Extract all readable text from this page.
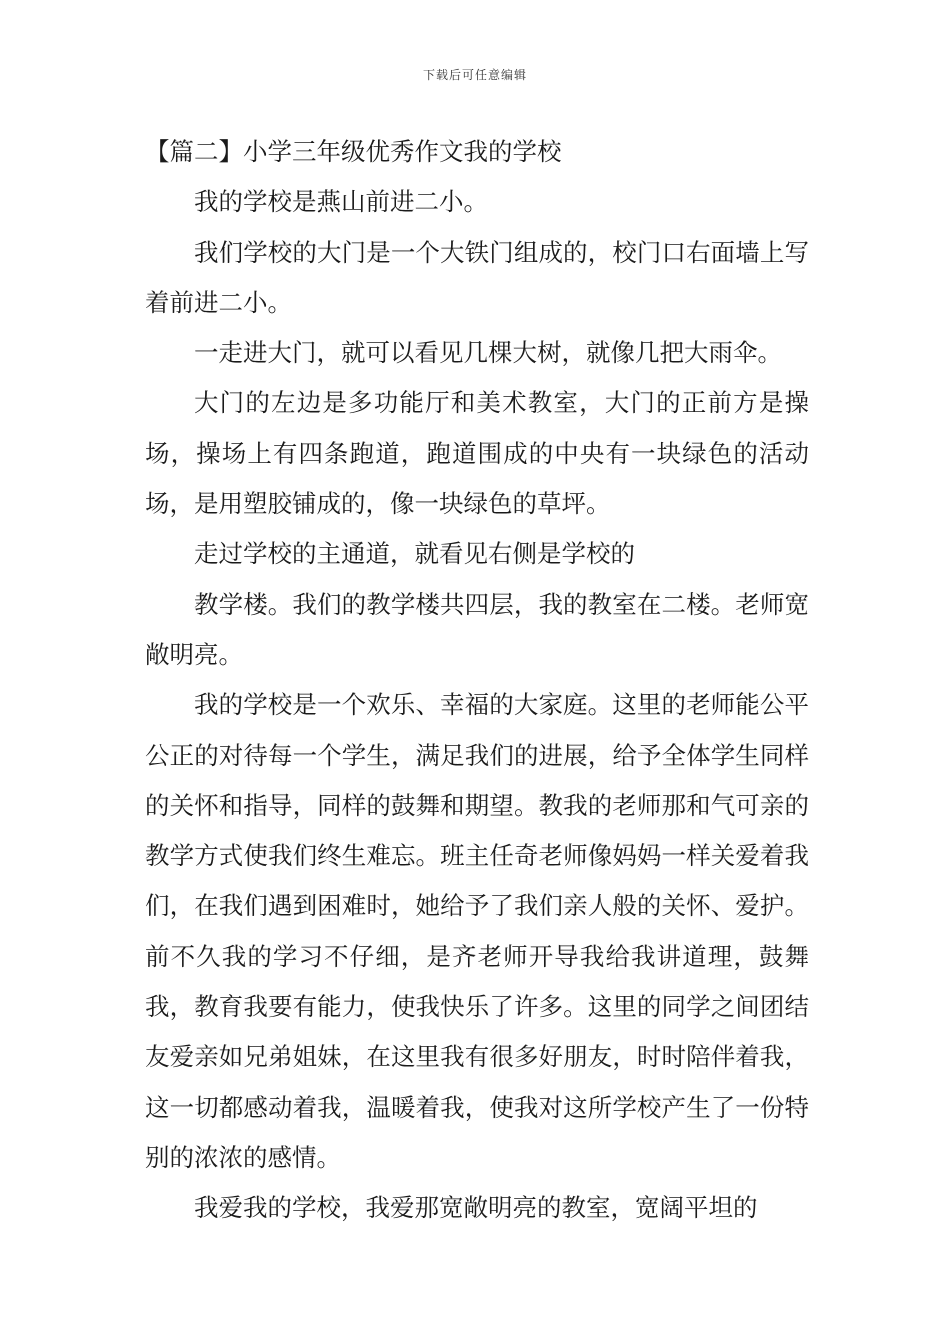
下载后可任意编辑

【篇二】小学三年级优秀作文我的学校

我的学校是燕山前进二小。

我们学校的大门是一个大铁门组成的，校门口右面墙上写着前进二小。

一走进大门，就可以看见几棵大树，就像几把大雨伞。

大门的左边是多功能厅和美术教室，大门的正前方是操场，操场上有四条跑道，跑道围成的中央有一块绿色的活动场，是用塑胶铺成的，像一块绿色的草坪。

走过学校的主通道，就看见右侧是学校的

教学楼。我们的教学楼共四层，我的教室在二楼。老师宽敞明亮。

我的学校是一个欢乐、幸福的大家庭。这里的老师能公平公正的对待每一个学生，满足我们的进展，给予全体学生同样的关怀和指导，同样的鼓舞和期望。教我的老师那和气可亲的教学方式使我们终生难忘。班主任奇老师像妈妈一样关爱着我们，在我们遇到困难时，她给予了我们亲人般的关怀、爱护。前不久我的学习不仔细，是齐老师开导我给我讲道理，鼓舞我，教育我要有能力，使我快乐了许多。这里的同学之间团结友爱亲如兄弟姐妹，在这里我有很多好朋友，时时陪伴着我，这一切都感动着我，温暖着我，使我对这所学校产生了一份特别的浓浓的感情。

我爱我的学校，我爱那宽敞明亮的教室，宽阔平坦的
